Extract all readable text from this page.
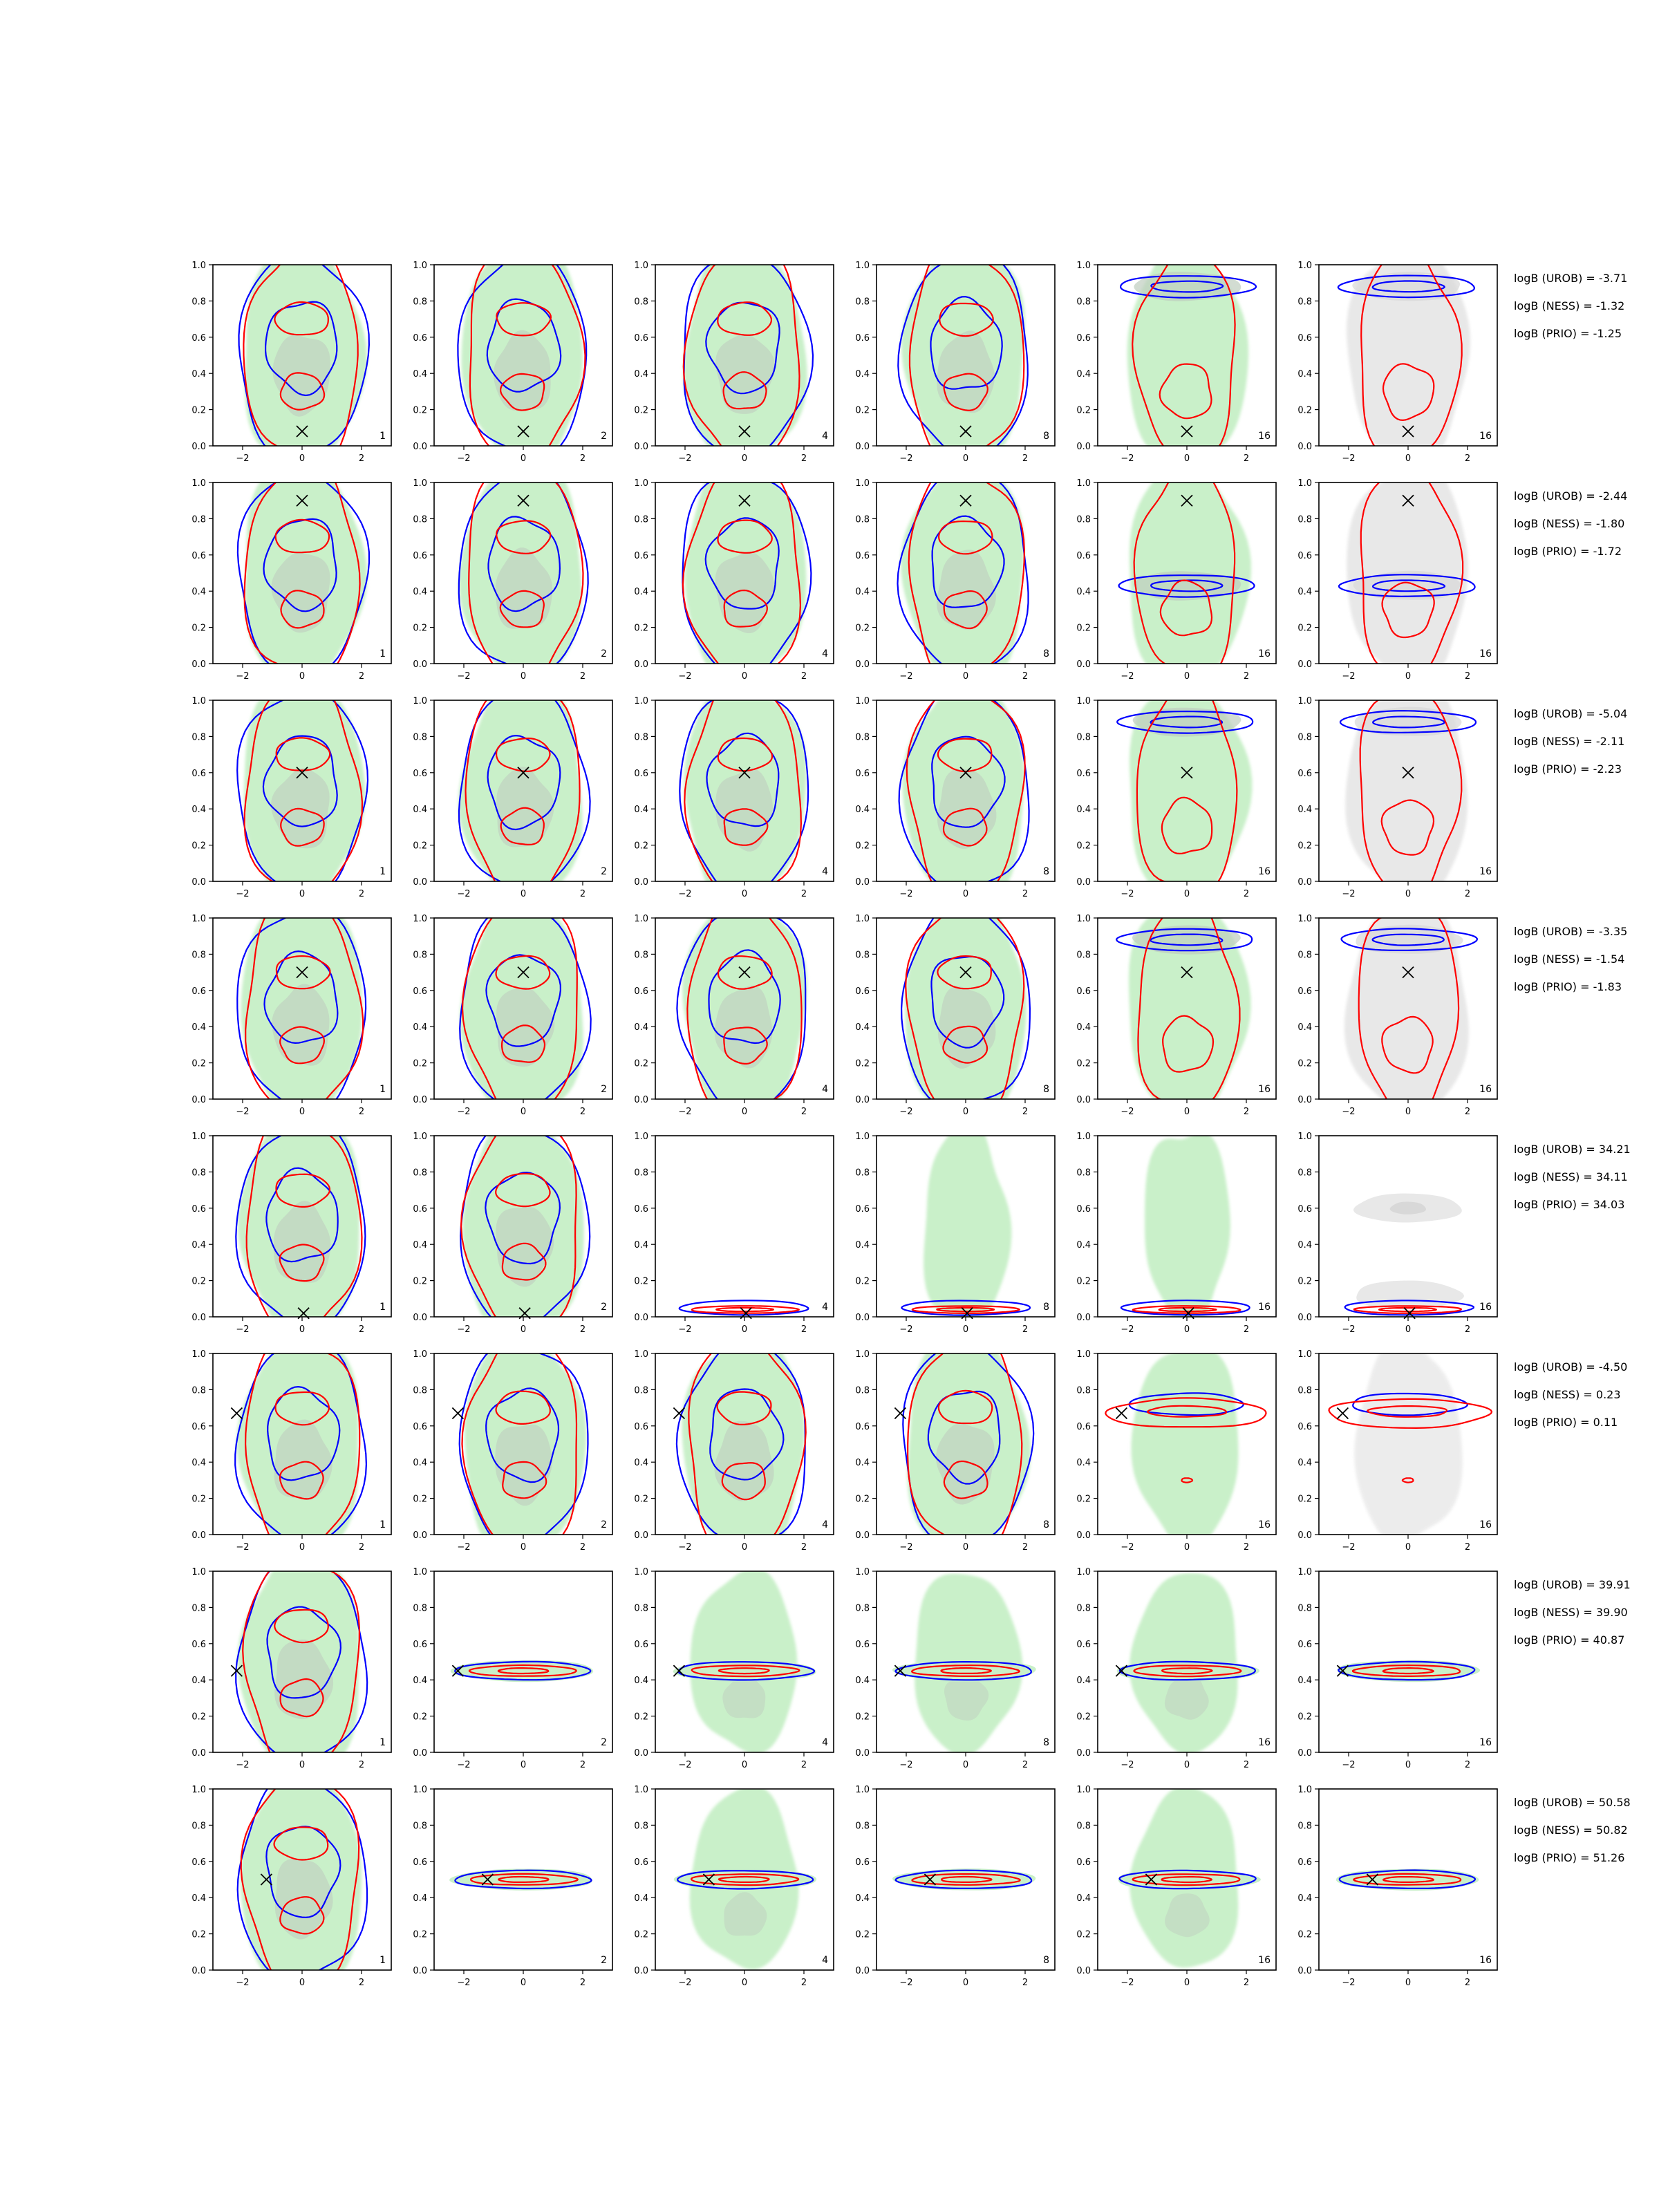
0.0
0.2
0.4
0.6
0.8
1.0
−2	0	2
1
0.0
0.2
0.4
0.6
0.8
1.0
−2	0	2
2
0.0
0.2
0.4
0.6
0.8
1.0
−2	0	2
4
0.0
0.2
0.4
0.6
0.8
1.0
−2	0	2
8
0.0
0.2
0.4
0.6
0.8
1.0
−2	0	2
16
0.0
0.2
0.4
0.6
0.8
1.0
−2	0	2
16
0.0
0.2
0.4
0.6
0.8
1.0
−2	0	2
1
0.0
0.2
0.4
0.6
0.8
1.0
−2	0	2
2
0.0
0.2
0.4
0.6
0.8
1.0
−2	0	2
4
0.0
0.2
0.4
0.6
0.8
1.0
−2	0	2
8
0.0
0.2
0.4
0.6
0.8
1.0
−2	0	2
16
0.0
0.2
0.4
0.6
0.8
1.0
−2	0	2
16
0.0
0.2
0.4
0.6
0.8
1.0
−2	0	2
1
0.0
0.2
0.4
0.6
0.8
1.0
−2	0	2
2
0.0
0.2
0.4
0.6
0.8
1.0
−2	0	2
4
0.0
0.2
0.4
0.6
0.8
1.0
−2	0	2
8
0.0
0.2
0.4
0.6
0.8
1.0
−2	0	2
16
0.0
0.2
0.4
0.6
0.8
1.0
−2	0	2
16
0.0
0.2
0.4
0.6
0.8
1.0
−2	0	2
1
0.0
0.2
0.4
0.6
0.8
1.0
−2	0	2
2
0.0
0.2
0.4
0.6
0.8
1.0
−2	0	2
4
0.0
0.2
0.4
0.6
0.8
1.0
−2	0	2
8
0.0
0.2
0.4
0.6
0.8
1.0
−2	0	2
16
0.0
0.2
0.4
0.6
0.8
1.0
−2	0	2
16
0.0
0.2
0.4
0.6
0.8
1.0
−2	0	2
1
0.0
0.2
0.4
0.6
0.8
1.0
−2	0	2
2
0.0
0.2
0.4
0.6
0.8
1.0
−2	0	2
4
0.0
0.2
0.4
0.6
0.8
1.0
−2	0	2
8
0.0
0.2
0.4
0.6
0.8
1.0
−2	0	2
16
0.0
0.2
0.4
0.6
0.8
1.0
−2	0	2
16
0.0
0.2
0.4
0.6
0.8
1.0
−2	0	2
1
0.0
0.2
0.4
0.6
0.8
1.0
−2	0	2
2
0.0
0.2
0.4
0.6
0.8
1.0
−2	0	2
4
0.0
0.2
0.4
0.6
0.8
1.0
−2	0	2
8
0.0
0.2
0.4
0.6
0.8
1.0
−2	0	2
16
0.0
0.2
0.4
0.6
0.8
1.0
−2	0	2
16
0.0
0.2
0.4
0.6
0.8
1.0
−2	0	2
1
0.0
0.2
0.4
0.6
0.8
1.0
−2	0	2
2
0.0
0.2
0.4
0.6
0.8
1.0
−2	0	2
4
0.0
0.2
0.4
0.6
0.8
1.0
−2	0	2
8
0.0
0.2
0.4
0.6
0.8
1.0
−2	0	2
16
0.0
0.2
0.4
0.6
0.8
1.0
−2	0	2
16
0.0
0.2
0.4
0.6
0.8
1.0
−2	0	2
1
0.0
0.2
0.4
0.6
0.8
1.0
−2	0	2
2
0.0
0.2
0.4
0.6
0.8
1.0
−2	0	2
4
0.0
0.2
0.4
0.6
0.8
1.0
−2	0	2
8
0.0
0.2
0.4
0.6
0.8
1.0
−2	0	2
16
0.0
0.2
0.4
0.6
0.8
1.0
−2	0	2
16
logB (UROB) = -3.71
logB (NESS) = -1.32
logB (PRIO) = -1.25
logB (UROB) = -2.44
logB (NESS) = -1.80
logB (PRIO) = -1.72
logB (UROB) = -5.04
logB (NESS) = -2.11
logB (PRIO) = -2.23
logB (UROB) = -3.35
logB (NESS) = -1.54
logB (PRIO) = -1.83
logB (UROB) = 34.21
logB (NESS) = 34.11
logB (PRIO) = 34.03
logB (UROB) = -4.50
logB (NESS) = 0.23
logB (PRIO) = 0.11
logB (UROB) = 39.91
logB (NESS) = 39.90
logB (PRIO) = 40.87
logB (UROB) = 50.58
logB (NESS) = 50.82
logB (PRIO) = 51.26
